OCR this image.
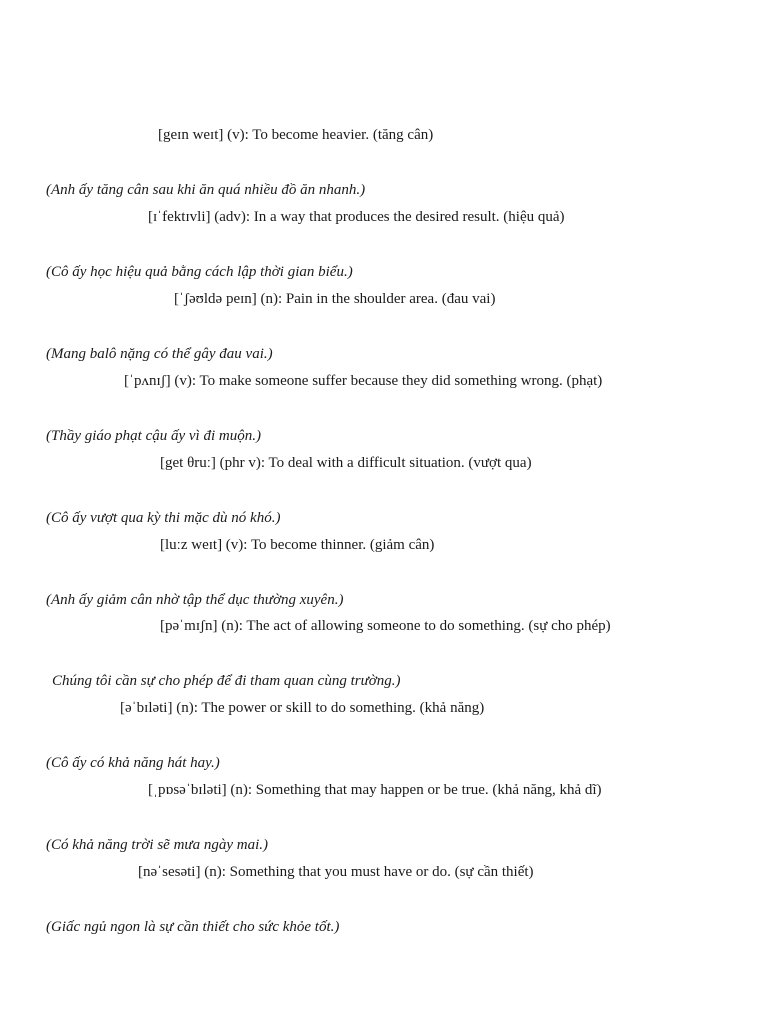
[geɪn weɪt] (v): To become heavier. (tăng cân)
(Anh ấy tăng cân sau khi ăn quá nhiều đồ ăn nhanh.)
[ɪˈfektɪvli] (adv): In a way that produces the desired result. (hiệu quả)
(Cô ấy học hiệu quả bằng cách lập thời gian biểu.)
[ˈʃəʊldə peɪn] (n): Pain in the shoulder area. (đau vai)
(Mang balô nặng có thể gây đau vai.)
[ˈpʌnɪʃ] (v): To make someone suffer because they did something wrong. (phạt)
(Thầy giáo phạt cậu ấy vì đi muộn.)
[get θruː] (phr v): To deal with a difficult situation. (vượt qua)
(Cô ấy vượt qua kỳ thi mặc dù nó khó.)
[luːz weɪt] (v): To become thinner. (giảm cân)
(Anh ấy giảm cân nhờ tập thể dục thường xuyên.)
[pəˈmɪʃn] (n): The act of allowing someone to do something. (sự cho phép)
Chúng tôi cần sự cho phép để đi tham quan cùng trường.)
[əˈbɪləti] (n): The power or skill to do something. (khả năng)
(Cô ấy có khả năng hát hay.)
[ˌpɒsəˈbɪləti] (n): Something that may happen or be true. (khả năng, khả dĩ)
(Có khả năng trời sẽ mưa ngày mai.)
[nəˈsesəti] (n): Something that you must have or do. (sự cần thiết)
(Giấc ngủ ngon là sự cần thiết cho sức khỏe tốt.)
